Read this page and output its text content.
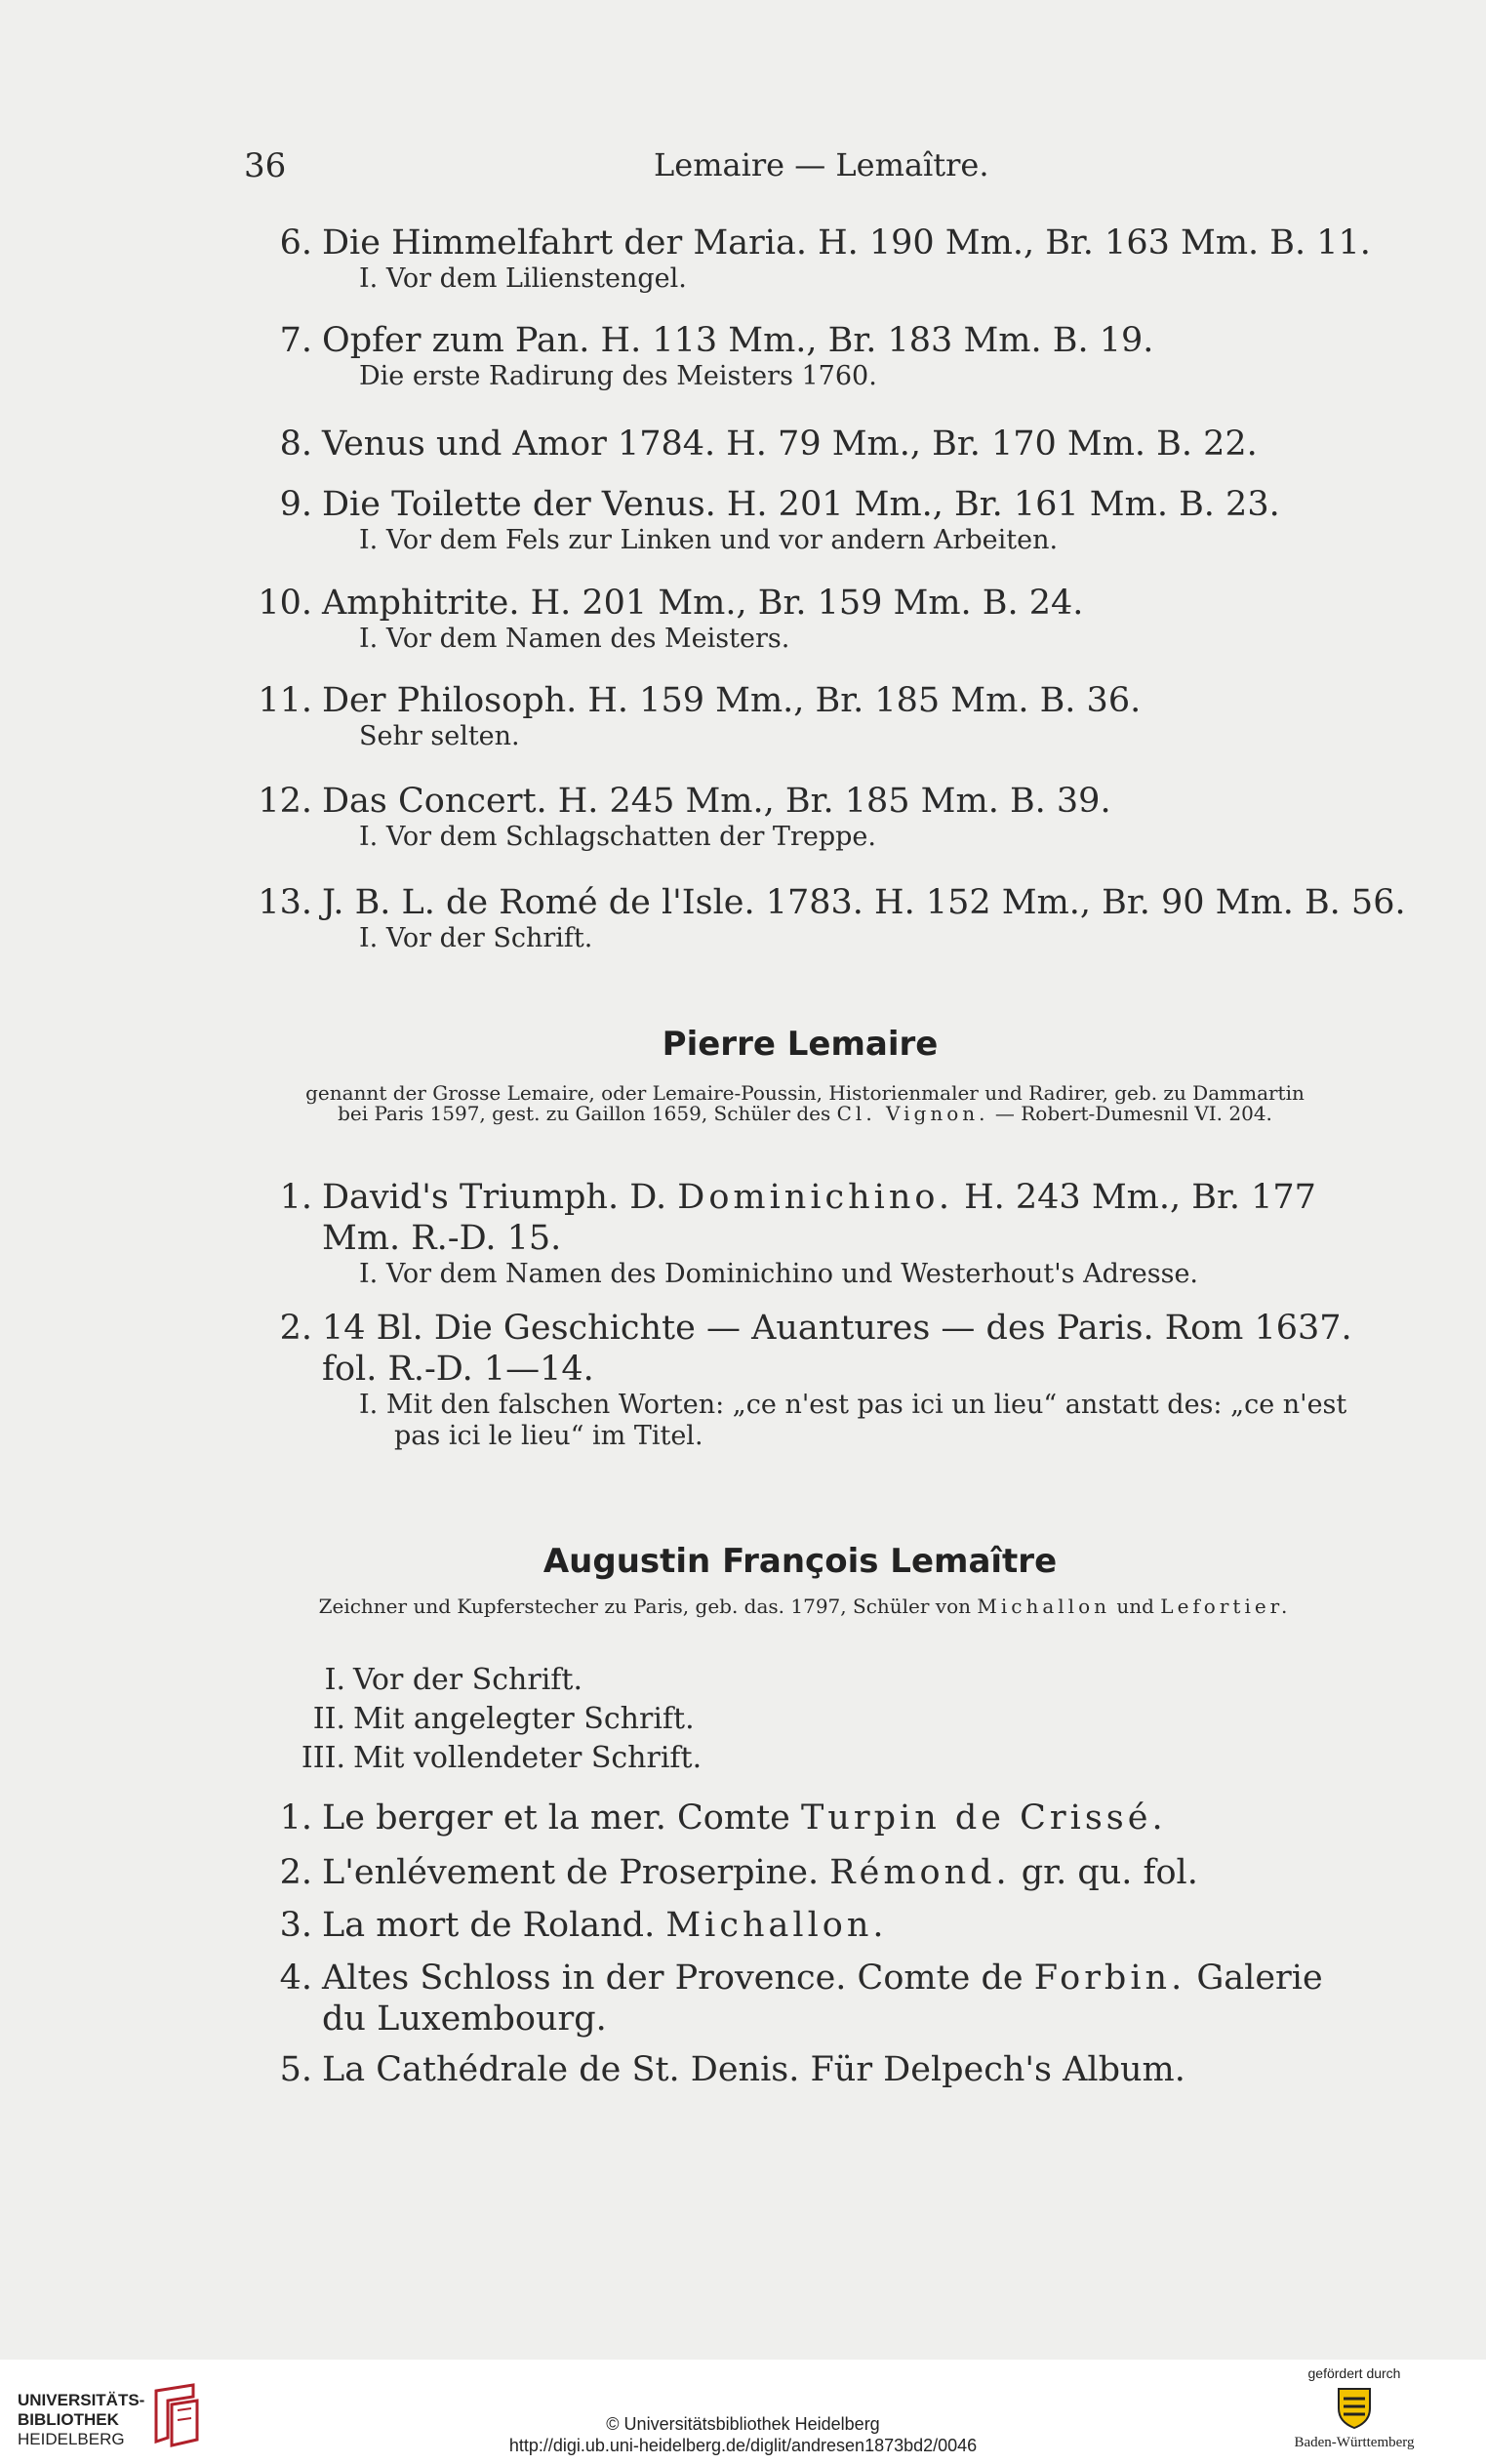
36	Lemaire — Lemaître.
6. Die Himmelfahrt der Maria. H. 190 Mm., Br. 163 Mm. B. 11.
I. Vor dem Lilienstengel.
7. Opfer zum Pan. H. 113 Mm., Br. 183 Mm. B. 19.
Die erste Radirung des Meisters 1760.
8. Venus und Amor 1784. H. 79 Mm., Br. 170 Mm. B. 22.
9. Die Toilette der Venus. H. 201 Mm., Br. 161 Mm. B. 23.
I. Vor dem Fels zur Linken und vor andern Arbeiten.
10. Amphitrite. H. 201 Mm., Br. 159 Mm. B. 24.
I. Vor dem Namen des Meisters.
11. Der Philosoph. H. 159 Mm., Br. 185 Mm. B. 36.
Sehr selten.
12. Das Concert. H. 245 Mm., Br. 185 Mm. B. 39.
I. Vor dem Schlagschatten der Treppe.
13. J. B. L. de Romé de l'Isle. 1783. H. 152 Mm., Br. 90 Mm. B. 56.
I. Vor der Schrift.
Pierre Lemaire
genannt der Grosse Lemaire, oder Lemaire-Poussin, Historienmaler und Radirer, geb. zu Dammartin bei Paris 1597, gest. zu Gaillon 1659, Schüler des Cl. Vignon. — Robert-Dumesnil VI. 204.
1. David's Triumph. D. Dominichino. H. 243 Mm., Br. 177 Mm. R.-D. 15.
I. Vor dem Namen des Dominichino und Westerhout's Adresse.
2. 14 Bl. Die Geschichte — Auantures — des Paris. Rom 1637. fol. R.-D. 1—14.
I. Mit den falschen Worten: „ce n'est pas ici un lieu“ anstatt des: „ce n'est pas ici le lieu“ im Titel.
Augustin François Lemaître
Zeichner und Kupferstecher zu Paris, geb. das. 1797, Schüler von Michallon und Lefortier.
I. Vor der Schrift.
II. Mit angelegter Schrift.
III. Mit vollendeter Schrift.
1. Le berger et la mer. Comte Turpin de Crissé.
2. L'enlévement de Proserpine. Rémond. gr. qu. fol.
3. La mort de Roland. Michallon.
4. Altes Schloss in der Provence. Comte de Forbin. Galerie du Luxembourg.
5. La Cathédrale de St. Denis. Für Delpech's Album.
UNIVERSITÄTS-
BIBLIOTHEK
HEIDELBERG
© Universitätsbibliothek Heidelberg
http://digi.ub.uni-heidelberg.de/diglit/andresen1873bd2/0046
gefördert durch
Baden-Württemberg
